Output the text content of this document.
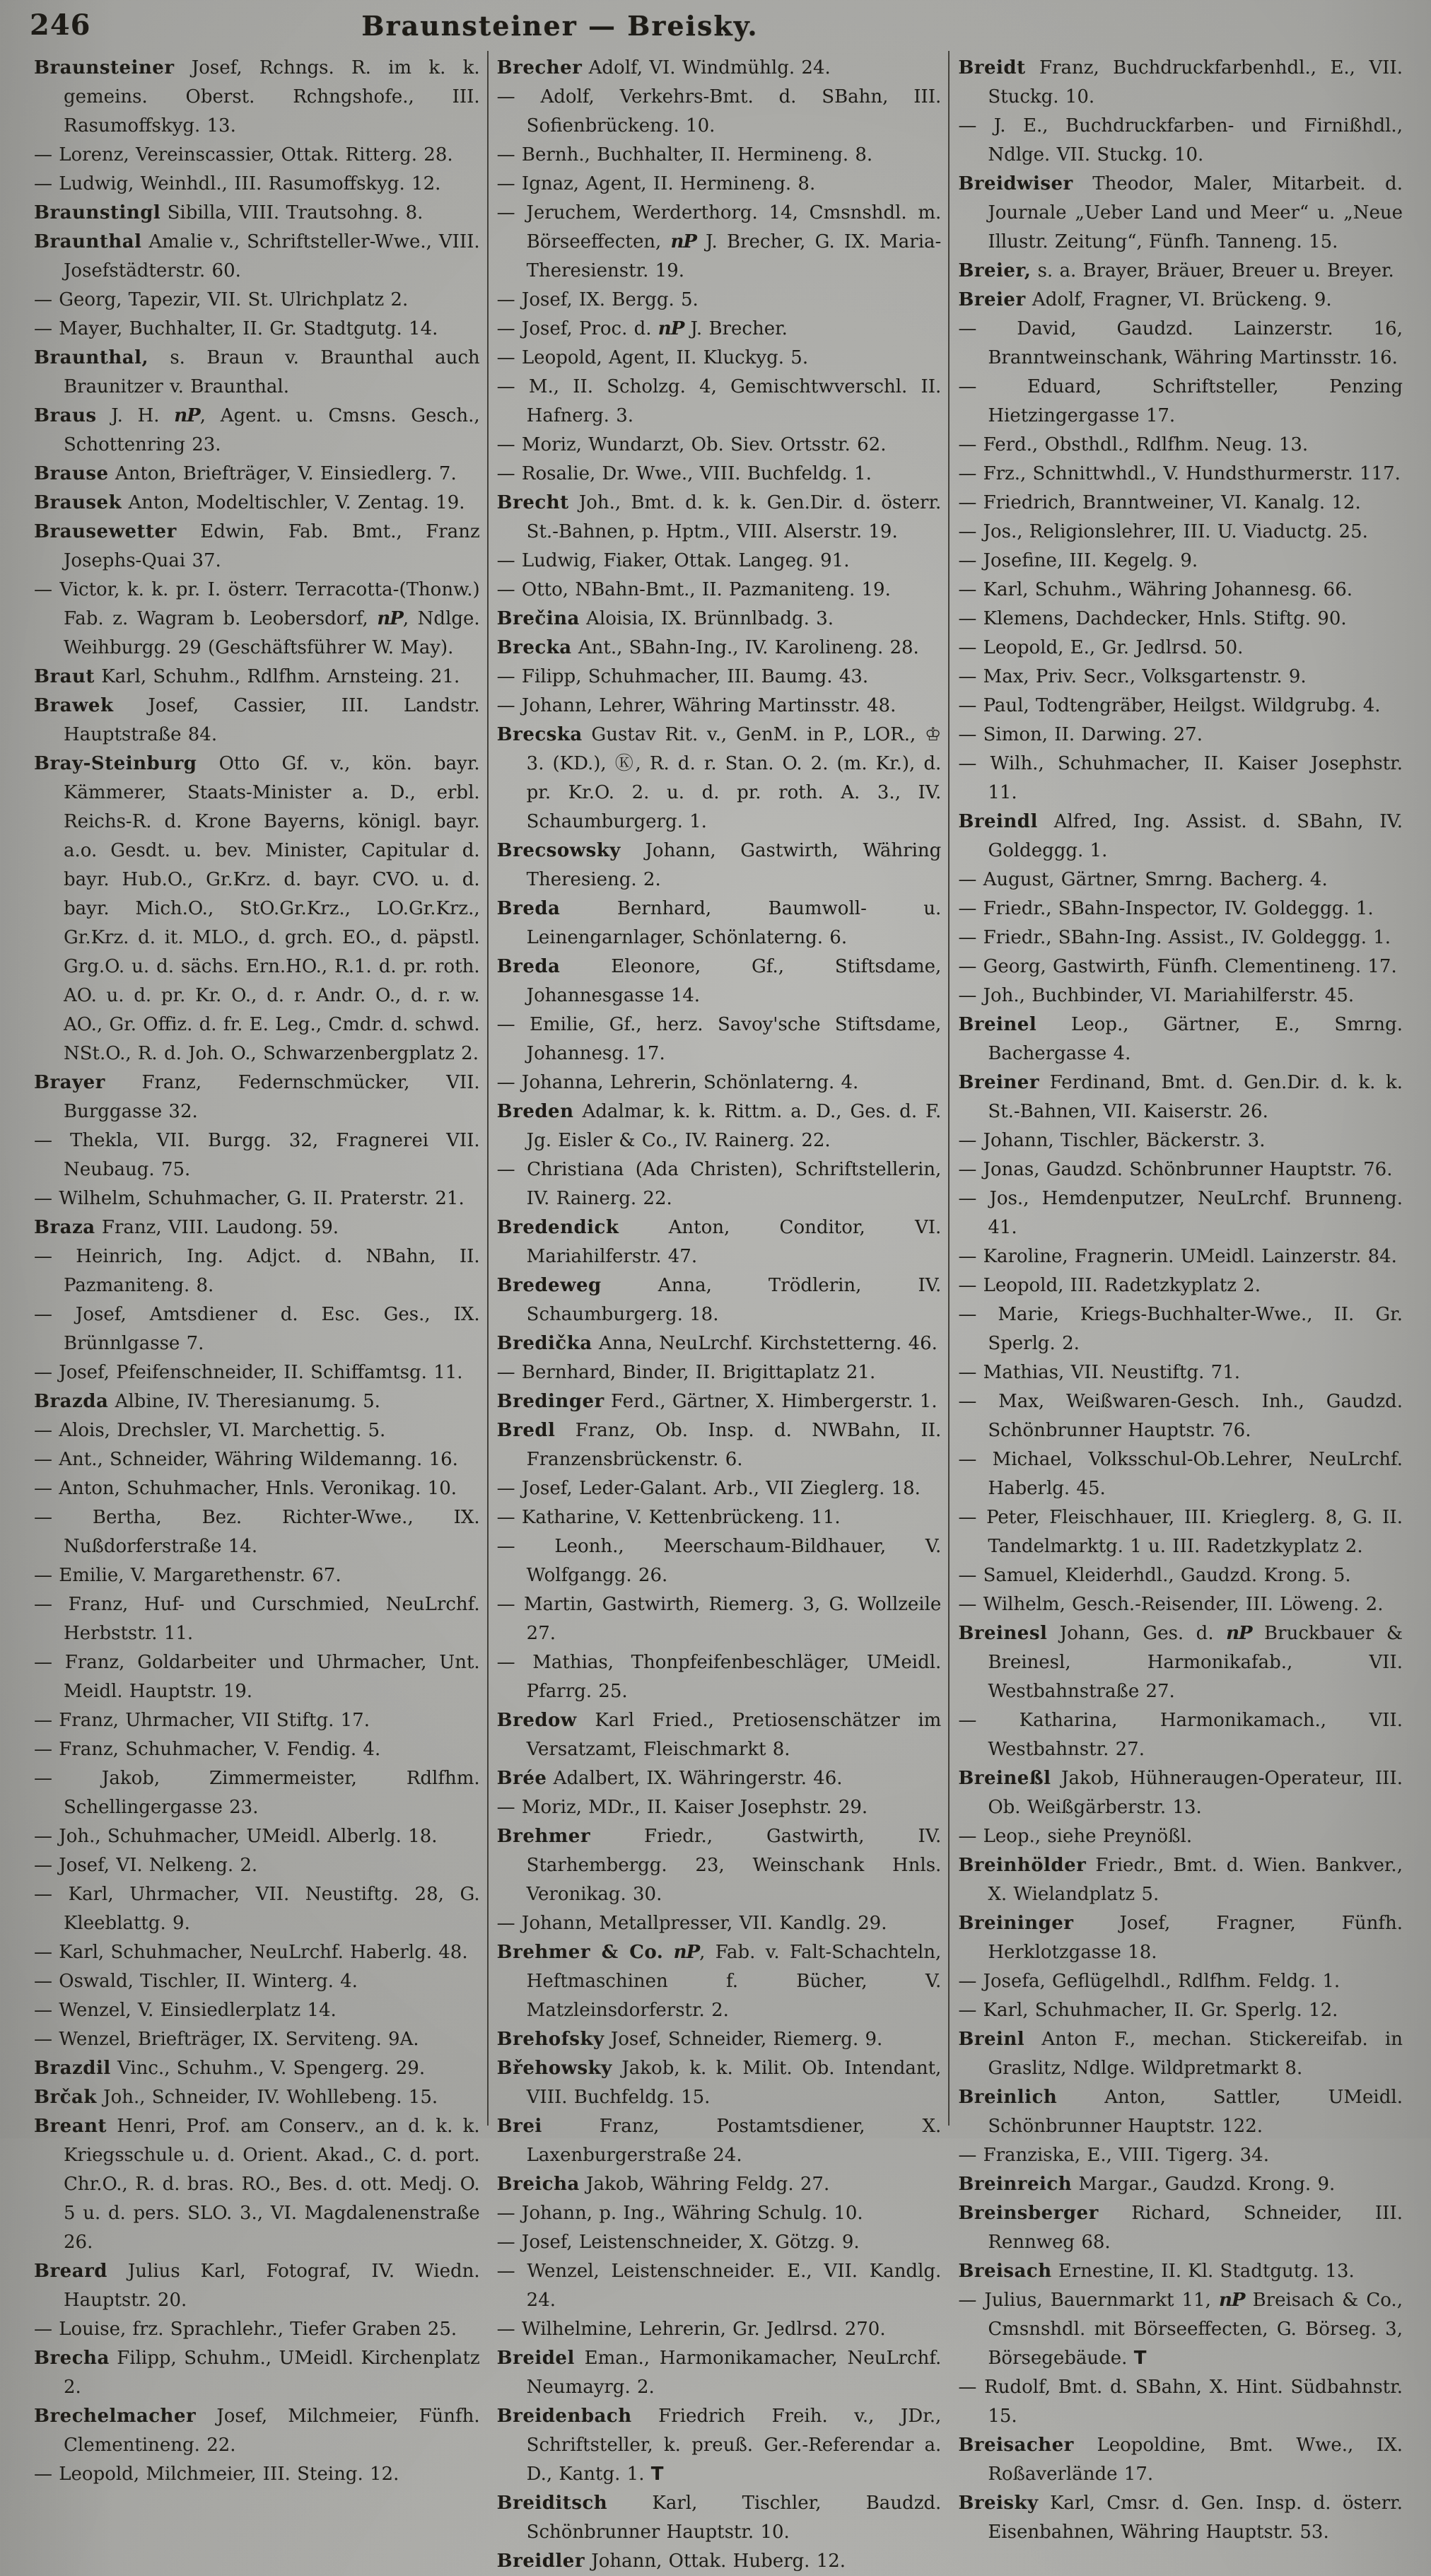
246	Braunsteiner — Breisky.

Braunsteiner Josef, Rchngs. R. im k. k. gemeins. Oberst. Rchngshofe., III. Rasumoffskyg. 13.

— Lorenz, Vereinscassier, Ottak. Ritterg. 28.

— Ludwig, Weinhdl., III. Rasumoffskyg. 12.

Braunstingl Sibilla, VIII. Trautsohng. 8.

Braunthal Amalie v., Schriftsteller-Wwe., VIII. Josefstädterstr. 60.

— Georg, Tapezir, VII. St. Ulrichplatz 2.

— Mayer, Buchhalter, II. Gr. Stadtgutg. 14.

Braunthal, s. Braun v. Braunthal auch Braunitzer v. Braunthal.

Braus J. H. nP, Agent. u. Cmsns. Gesch., Schottenring 23.

Brause Anton, Briefträger, V. Einsiedlerg. 7.

Brausek Anton, Modeltischler, V. Zentag. 19.

Brausewetter Edwin, Fab. Bmt., Franz Josephs-Quai 37.

— Victor, k. k. pr. I. österr. Terracotta-(Thonw.) Fab. z. Wagram b. Leobersdorf, nP, Ndlge. Weihburgg. 29 (Geschäftsführer W. May).

Braut Karl, Schuhm., Rdlfhm. Arnsteing. 21.

Brawek Josef, Cassier, III. Landstr. Hauptstraße 84.

Bray-Steinburg Otto Gf. v., kön. bayr. Kämmerer, Staats-Minister a. D., erbl. Reichs-R. d. Krone Bayerns, königl. bayr. a.o. Gesdt. u. bev. Minister, Capitular d. bayr. Hub.O., Gr.Krz. d. bayr. CVO. u. d. bayr. Mich.O., StO.Gr.Krz., LO.Gr.Krz., Gr.Krz. d. it. MLO., d. grch. EO., d. päpstl. Grg.O. u. d. sächs. Ern.HO., R.1. d. pr. roth. AO. u. d. pr. Kr. O., d. r. Andr. O., d. r. w. AO., Gr. Offiz. d. fr. E. Leg., Cmdr. d. schwd. NSt.O., R. d. Joh. O., Schwarzenbergplatz 2.

Brayer Franz, Federnschmücker, VII. Burggasse 32.

— Thekla, VII. Burgg. 32, Fragnerei VII. Neubaug. 75.

— Wilhelm, Schuhmacher, G. II. Praterstr. 21.

Braza Franz, VIII. Laudong. 59.

— Heinrich, Ing. Adjct. d. NBahn, II. Pazmaniteng. 8.

— Josef, Amtsdiener d. Esc. Ges., IX. Brünnlgasse 7.

— Josef, Pfeifenschneider, II. Schiffamtsg. 11.

Brazda Albine, IV. Theresianumg. 5.

— Alois, Drechsler, VI. Marchettig. 5.

— Ant., Schneider, Währing Wildemanng. 16.

— Anton, Schuhmacher, Hnls. Veronikag. 10.

— Bertha, Bez. Richter-Wwe., IX. Nußdorferstraße 14.

— Emilie, V. Margarethenstr. 67.

— Franz, Huf- und Curschmied, NeuLrchf. Herbststr. 11.

— Franz, Goldarbeiter und Uhrmacher, Unt. Meidl. Hauptstr. 19.

— Franz, Uhrmacher, VII Stiftg. 17.

— Franz, Schuhmacher, V. Fendig. 4.

— Jakob, Zimmermeister, Rdlfhm. Schellingergasse 23.

— Joh., Schuhmacher, UMeidl. Alberlg. 18.

— Josef, VI. Nelkeng. 2.

— Karl, Uhrmacher, VII. Neustiftg. 28, G. Kleeblattg. 9.

— Karl, Schuhmacher, NeuLrchf. Haberlg. 48.

— Oswald, Tischler, II. Winterg. 4.

— Wenzel, V. Einsiedlerplatz 14.

— Wenzel, Briefträger, IX. Serviteng. 9A.

Brazdil Vinc., Schuhm., V. Spengerg. 29.

Brčak Joh., Schneider, IV. Wohllebeng. 15.

Breant Henri, Prof. am Conserv., an d. k. k. Kriegsschule u. d. Orient. Akad., C. d. port. Chr.O., R. d. bras. RO., Bes. d. ott. Medj. O. 5 u. d. pers. SLO. 3., VI. Magdalenenstraße 26.

Breard Julius Karl, Fotograf, IV. Wiedn. Hauptstr. 20.

— Louise, frz. Sprachlehr., Tiefer Graben 25.

Brecha Filipp, Schuhm., UMeidl. Kirchenplatz 2.

Brechelmacher Josef, Milchmeier, Fünfh. Clementineng. 22.

— Leopold, Milchmeier, III. Steing. 12.

Brecher Adolf, VI. Windmühlg. 24.

— Adolf, Verkehrs-Bmt. d. SBahn, III. Sofienbrückeng. 10.

— Bernh., Buchhalter, II. Hermineng. 8.

— Ignaz, Agent, II. Hermineng. 8.

— Jeruchem, Werderthorg. 14, Cmsnshdl. m. Börseeffecten, nP J. Brecher, G. IX. Maria-Theresienstr. 19.

— Josef, IX. Bergg. 5.

— Josef, Proc. d. nP J. Brecher.

— Leopold, Agent, II. Kluckyg. 5.

— M., II. Scholzg. 4, Gemischtwverschl. II. Hafnerg. 3.

— Moriz, Wundarzt, Ob. Siev. Ortsstr. 62.

— Rosalie, Dr. Wwe., VIII. Buchfeldg. 1.

Brecht Joh., Bmt. d. k. k. Gen.Dir. d. österr. St.-Bahnen, p. Hptm., VIII. Alserstr. 19.

— Ludwig, Fiaker, Ottak. Langeg. 91.

— Otto, NBahn-Bmt., II. Pazmaniteng. 19.

Brečina Aloisia, IX. Brünnlbadg. 3.

Brecka Ant., SBahn-Ing., IV. Karolineng. 28.

— Filipp, Schuhmacher, III. Baumg. 43.

— Johann, Lehrer, Währing Martinsstr. 48.

Brecska Gustav Rit. v., GenM. in P., LOR., ♔ 3. (KD.), Ⓚ, R. d. r. Stan. O. 2. (m. Kr.), d. pr. Kr.O. 2. u. d. pr. roth. A. 3., IV. Schaumburgerg. 1.

Brecsowsky Johann, Gastwirth, Währing Theresieng. 2.

Breda Bernhard, Baumwoll- u. Leinengarnlager, Schönlaterng. 6.

Breda Eleonore, Gf., Stiftsdame, Johannesgasse 14.

— Emilie, Gf., herz. Savoy'sche Stiftsdame, Johannesg. 17.

— Johanna, Lehrerin, Schönlaterng. 4.

Breden Adalmar, k. k. Rittm. a. D., Ges. d. F. Jg. Eisler & Co., IV. Rainerg. 22.

— Christiana (Ada Christen), Schriftstellerin, IV. Rainerg. 22.

Bredendick Anton, Conditor, VI. Mariahilferstr. 47.

Bredeweg Anna, Trödlerin, IV. Schaumburgerg. 18.

Bredička Anna, NeuLrchf. Kirchstetterng. 46.

— Bernhard, Binder, II. Brigittaplatz 21.

Bredinger Ferd., Gärtner, X. Himbergerstr. 1.

Bredl Franz, Ob. Insp. d. NWBahn, II. Franzensbrückenstr. 6.

— Josef, Leder-Galant. Arb., VII Zieglerg. 18.

— Katharine, V. Kettenbrückeng. 11.

— Leonh., Meerschaum-Bildhauer, V. Wolfgangg. 26.

— Martin, Gastwirth, Riemerg. 3, G. Wollzeile 27.

— Mathias, Thonpfeifenbeschläger, UMeidl. Pfarrg. 25.

Bredow Karl Fried., Pretiosenschätzer im Versatzamt, Fleischmarkt 8.

Brée Adalbert, IX. Währingerstr. 46.

— Moriz, MDr., II. Kaiser Josephstr. 29.

Brehmer Friedr., Gastwirth, IV. Starhembergg. 23, Weinschank Hnls. Veronikag. 30.

— Johann, Metallpresser, VII. Kandlg. 29.

Brehmer & Co. nP, Fab. v. Falt-Schachteln, Heftmaschinen f. Bücher, V. Matzleinsdorferstr. 2.

Brehofsky Josef, Schneider, Riemerg. 9.

Břehowsky Jakob, k. k. Milit. Ob. Intendant, VIII. Buchfeldg. 15.

Brei Franz, Postamtsdiener, X. Laxenburgerstraße 24.

Breicha Jakob, Währing Feldg. 27.

— Johann, p. Ing., Währing Schulg. 10.

— Josef, Leistenschneider, X. Götzg. 9.

— Wenzel, Leistenschneider. E., VII. Kandlg. 24.

— Wilhelmine, Lehrerin, Gr. Jedlrsd. 270.

Breidel Eman., Harmonikamacher, NeuLrchf. Neumayrg. 2.

Breidenbach Friedrich Freih. v., JDr., Schriftsteller, k. preuß. Ger.-Referendar a. D., Kantg. 1. T

Breiditsch Karl, Tischler, Baudzd. Schönbrunner Hauptstr. 10.

Breidler Johann, Ottak. Huberg. 12.

Breidt Franz, Buchdruckfarbenhdl., E., VII. Stuckg. 10.

— J. E., Buchdruckfarben- und Firnißhdl., Ndlge. VII. Stuckg. 10.

Breidwiser Theodor, Maler, Mitarbeit. d. Journale „Ueber Land und Meer“ u. „Neue Illustr. Zeitung“, Fünfh. Tanneng. 15.

Breier, s. a. Brayer, Bräuer, Breuer u. Breyer.

Breier Adolf, Fragner, VI. Brückeng. 9.

— David, Gaudzd. Lainzerstr. 16, Branntweinschank, Währing Martinsstr. 16.

— Eduard, Schriftsteller, Penzing Hietzingergasse 17.

— Ferd., Obsthdl., Rdlfhm. Neug. 13.

— Frz., Schnittwhdl., V. Hundsthurmerstr. 117.

— Friedrich, Branntweiner, VI. Kanalg. 12.

— Jos., Religionslehrer, III. U. Viaductg. 25.

— Josefine, III. Kegelg. 9.

— Karl, Schuhm., Währing Johannesg. 66.

— Klemens, Dachdecker, Hnls. Stiftg. 90.

— Leopold, E., Gr. Jedlrsd. 50.

— Max, Priv. Secr., Volksgartenstr. 9.

— Paul, Todtengräber, Heilgst. Wildgrubg. 4.

— Simon, II. Darwing. 27.

— Wilh., Schuhmacher, II. Kaiser Josephstr. 11.

Breindl Alfred, Ing. Assist. d. SBahn, IV. Goldeggg. 1.

— August, Gärtner, Smrng. Bacherg. 4.

— Friedr., SBahn-Inspector, IV. Goldeggg. 1.

— Friedr., SBahn-Ing. Assist., IV. Goldeggg. 1.

— Georg, Gastwirth, Fünfh. Clementineng. 17.

— Joh., Buchbinder, VI. Mariahilferstr. 45.

Breinel Leop., Gärtner, E., Smrng. Bachergasse 4.

Breiner Ferdinand, Bmt. d. Gen.Dir. d. k. k. St.-Bahnen, VII. Kaiserstr. 26.

— Johann, Tischler, Bäckerstr. 3.

— Jonas, Gaudzd. Schönbrunner Hauptstr. 76.

— Jos., Hemdenputzer, NeuLrchf. Brunneng. 41.

— Karoline, Fragnerin. UMeidl. Lainzerstr. 84.

— Leopold, III. Radetzkyplatz 2.

— Marie, Kriegs-Buchhalter-Wwe., II. Gr. Sperlg. 2.

— Mathias, VII. Neustiftg. 71.

— Max, Weißwaren-Gesch. Inh., Gaudzd. Schönbrunner Hauptstr. 76.

— Michael, Volksschul-Ob.Lehrer, NeuLrchf. Haberlg. 45.

— Peter, Fleischhauer, III. Krieglerg. 8, G. II. Tandelmarktg. 1 u. III. Radetzkyplatz 2.

— Samuel, Kleiderhdl., Gaudzd. Krong. 5.

— Wilhelm, Gesch.-Reisender, III. Löweng. 2.

Breinesl Johann, Ges. d. nP Bruckbauer & Breinesl, Harmonikafab., VII. Westbahnstraße 27.

— Katharina, Harmonikamach., VII. Westbahnstr. 27.

Breineßl Jakob, Hühneraugen-Operateur, III. Ob. Weißgärberstr. 13.

— Leop., siehe Preynößl.

Breinhölder Friedr., Bmt. d. Wien. Bankver., X. Wielandplatz 5.

Breininger Josef, Fragner, Fünfh. Herklotzgasse 18.

— Josefa, Geflügelhdl., Rdlfhm. Feldg. 1.

— Karl, Schuhmacher, II. Gr. Sperlg. 12.

Breinl Anton F., mechan. Stickereifab. in Graslitz, Ndlge. Wildpretmarkt 8.

Breinlich Anton, Sattler, UMeidl. Schönbrunner Hauptstr. 122.

— Franziska, E., VIII. Tigerg. 34.

Breinreich Margar., Gaudzd. Krong. 9.

Breinsberger Richard, Schneider, III. Rennweg 68.

Breisach Ernestine, II. Kl. Stadtgutg. 13.

— Julius, Bauernmarkt 11, nP Breisach & Co., Cmsnshdl. mit Börseeffecten, G. Börseg. 3, Börsegebäude. T

— Rudolf, Bmt. d. SBahn, X. Hint. Südbahnstr. 15.

Breisacher Leopoldine, Bmt. Wwe., IX. Roßaverlände 17.

Breisky Karl, Cmsr. d. Gen. Insp. d. österr. Eisenbahnen, Währing Hauptstr. 53.
